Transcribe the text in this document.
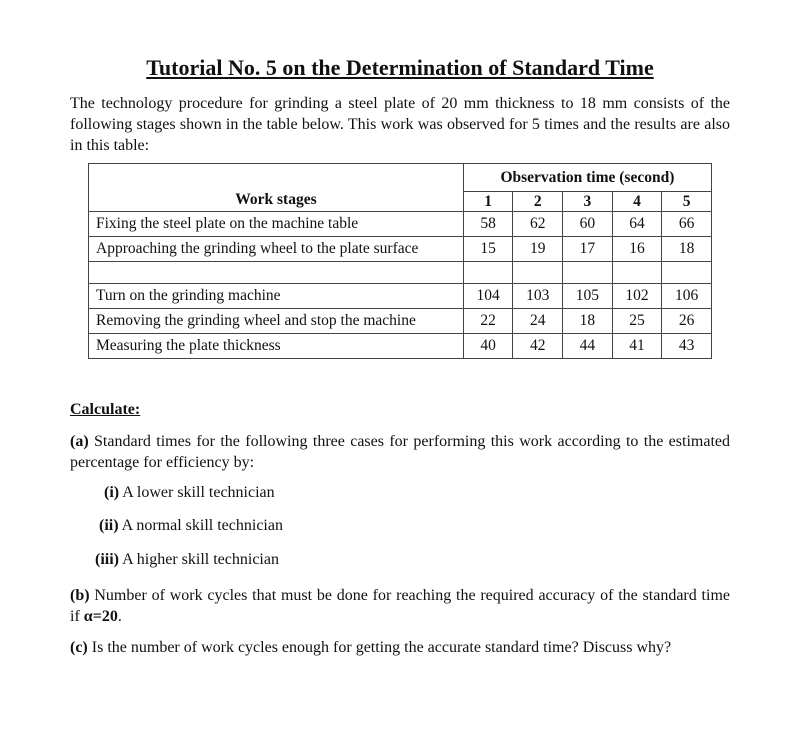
Tutorial No. 5 on the Determination of Standard Time
The technology procedure for grinding a steel plate of 20 mm thickness to 18 mm consists of the following stages shown in the table below. This work was observed for 5 times and the results are also in this table:
Work stages	Observation time (second)				
	1	2	3	4	5
Fixing the steel plate on the machine table	58	62	60	64	66
Approaching the grinding wheel to the plate surface	15	19	17	16	18

Turn on the grinding machine	104	103	105	102	106
Removing the grinding wheel and stop the machine	22	24	18	25	26
Measuring the plate thickness	40	42	44	41	43
Calculate:
(a) Standard times for the following three cases for performing this work according to the estimated percentage for efficiency by:
(i) A lower skill technician
(ii) A normal skill technician
(iii) A higher skill technician
(b) Number of work cycles that must be done for reaching the required accuracy of the standard time if α=20.
(c) Is the number of work cycles enough for getting the accurate standard time? Discuss why?
